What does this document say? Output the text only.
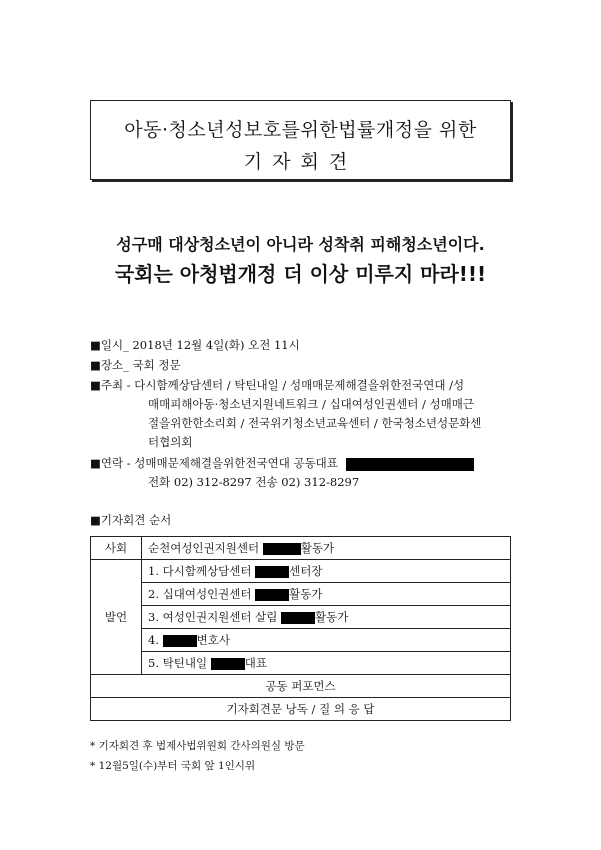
아동·청소년성보호를위한법률개정을 위한
기자회견
성구매 대상청소년이 아니라 성착취 피해청소년이다.
국회는 아청법개정 더 이상 미루지 마라!!!
■일시_ 2018년 12월 4일(화) 오전 11시
■장소_ 국회 정문
■주최 - 다시함께상담센터 / 탁틴내일 / 성매매문제해결을위한전국연대 /성
매매피해아동·청소년지원네트워크 / 십대여성인권센터 / 성매매근
절을위한한소리회 / 전국위기청소년교육센터 / 한국청소년성문화센
터협의회
■연락 - 성매매문제해결을위한전국연대 공동대표
전화 02) 312-8297 전송 02) 312-8297
■기자회견 순서
사회	순천여성인권지원센터 활동가
발언	1. 다시함께상담센터 센터장
	2. 십대여성인권센터 활동가
	3. 여성인권지원센터 살림 활동가
	4. 변호사
	5. 탁틴내일 대표
공동 퍼포먼스	
기자회견문 낭독 / 질 의 응 답	
* 기자회견 후 법제사법위원회 간사의원실 방문
* 12월5일(수)부터 국회 앞 1인시위
